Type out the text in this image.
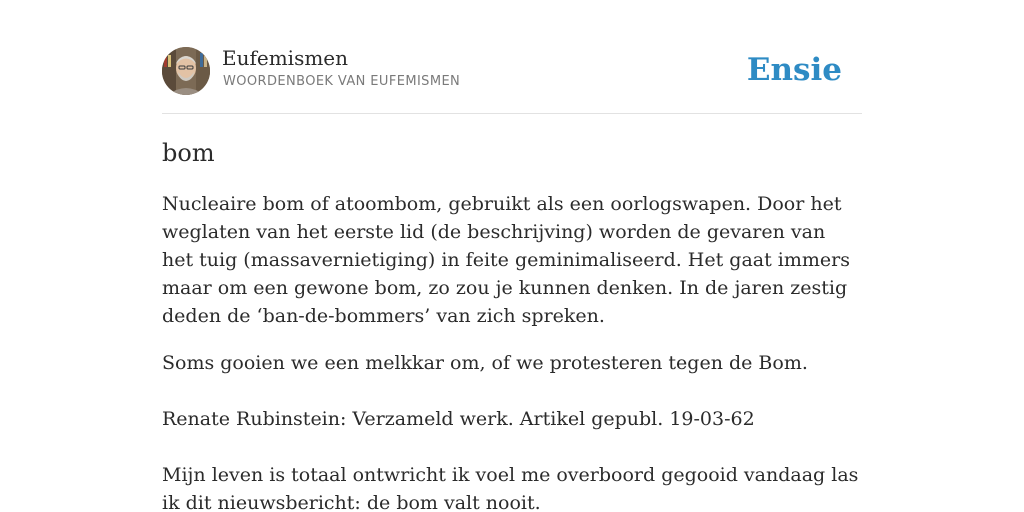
Eufemismen
WOORDENBOEK VAN EUFEMISMEN	Ensie
bom

Nucleaire bom of atoombom, gebruikt als een oorlogswapen. Door het weglaten van het eerste lid (de beschrijving) worden de gevaren van het tuig (massavernietiging) in feite geminimaliseerd. Het gaat immers maar om een gewone bom, zo zou je kunnen denken. In de jaren zestig deden de ‘ban-de-bommers’ van zich spreken.

Soms gooien we een melkkar om, of we protesteren tegen de Bom.

Renate Rubinstein: Verzameld werk. Artikel gepubl. 19-03-62

Mijn leven is totaal ontwricht ik voel me overboord gegooid vandaag las ik dit nieuwsbericht: de bom valt nooit.
